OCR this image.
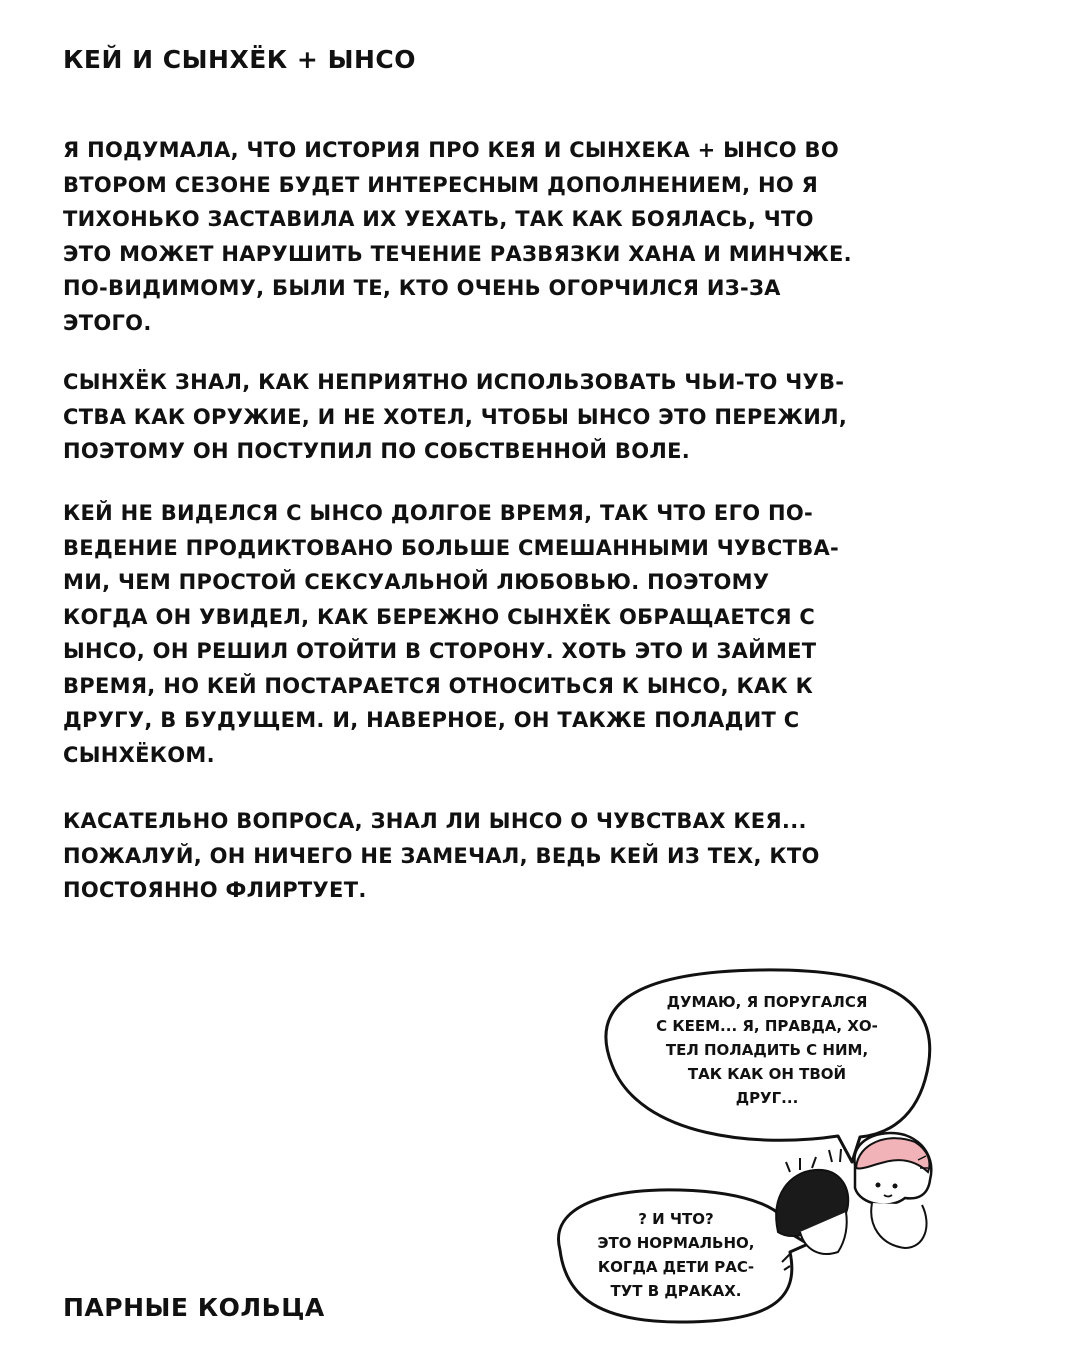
КЕЙ И СЫНХЁК + ЫНСО
Я ПОДУМАЛА, ЧТО ИСТОРИЯ ПРО КЕЯ И СЫНХЕКА + ЫНСО ВО
ВТОРОМ СЕЗОНЕ БУДЕТ ИНТЕРЕСНЫМ ДОПОЛНЕНИЕМ, НО Я
ТИХОНЬКО ЗАСТАВИЛА ИХ УЕХАТЬ, ТАК КАК БОЯЛАСЬ, ЧТО
ЭТО МОЖЕТ НАРУШИТЬ ТЕЧЕНИЕ РАЗВЯЗКИ ХАНА И МИНЧЖЕ.
ПО-ВИДИМОМУ, БЫЛИ ТЕ, КТО ОЧЕНЬ ОГОРЧИЛСЯ ИЗ-ЗА
ЭТОГО.
СЫНХЁК ЗНАЛ, КАК НЕПРИЯТНО ИСПОЛЬЗОВАТЬ ЧЬИ-ТО ЧУВ-
СТВА КАК ОРУЖИЕ, И НЕ ХОТЕЛ, ЧТОБЫ ЫНСО ЭТО ПЕРЕЖИЛ,
ПОЭТОМУ ОН ПОСТУПИЛ ПО СОБСТВЕННОЙ ВОЛЕ.
КЕЙ НЕ ВИДЕЛСЯ С ЫНСО ДОЛГОЕ ВРЕМЯ, ТАК ЧТО ЕГО ПО-
ВЕДЕНИЕ ПРОДИКТОВАНО БОЛЬШЕ СМЕШАННЫМИ ЧУВСТВА-
МИ, ЧЕМ ПРОСТОЙ СЕКСУАЛЬНОЙ ЛЮБОВЬЮ. ПОЭТОМУ
КОГДА ОН УВИДЕЛ, КАК БЕРЕЖНО СЫНХЁК ОБРАЩАЕТСЯ С
ЫНСО, ОН РЕШИЛ ОТОЙТИ В СТОРОНУ. ХОТЬ ЭТО И ЗАЙМЕТ
ВРЕМЯ, НО КЕЙ ПОСТАРАЕТСЯ ОТНОСИТЬСЯ К ЫНСО, КАК К
ДРУГУ, В БУДУЩЕМ. И, НАВЕРНОЕ, ОН ТАКЖЕ ПОЛАДИТ С
СЫНХЁКОМ.
КАСАТЕЛЬНО ВОПРОСА, ЗНАЛ ЛИ ЫНСО О ЧУВСТВАХ КЕЯ...
ПОЖАЛУЙ, ОН НИЧЕГО НЕ ЗАМЕЧАЛ, ВЕДЬ КЕЙ ИЗ ТЕХ, КТО
ПОСТОЯННО ФЛИРТУЕТ.
ДУМАЮ, Я ПОРУГАЛСЯ
С КЕЕМ... Я, ПРАВДА, ХО-
ТЕЛ ПОЛАДИТЬ С НИМ,
ТАК КАК ОН ТВОЙ
ДРУГ...
? И ЧТО?
ЭТО НОРМАЛЬНО,
КОГДА ДЕТИ РАС-
ТУТ В ДРАКАХ.
ПАРНЫЕ КОЛЬЦА
